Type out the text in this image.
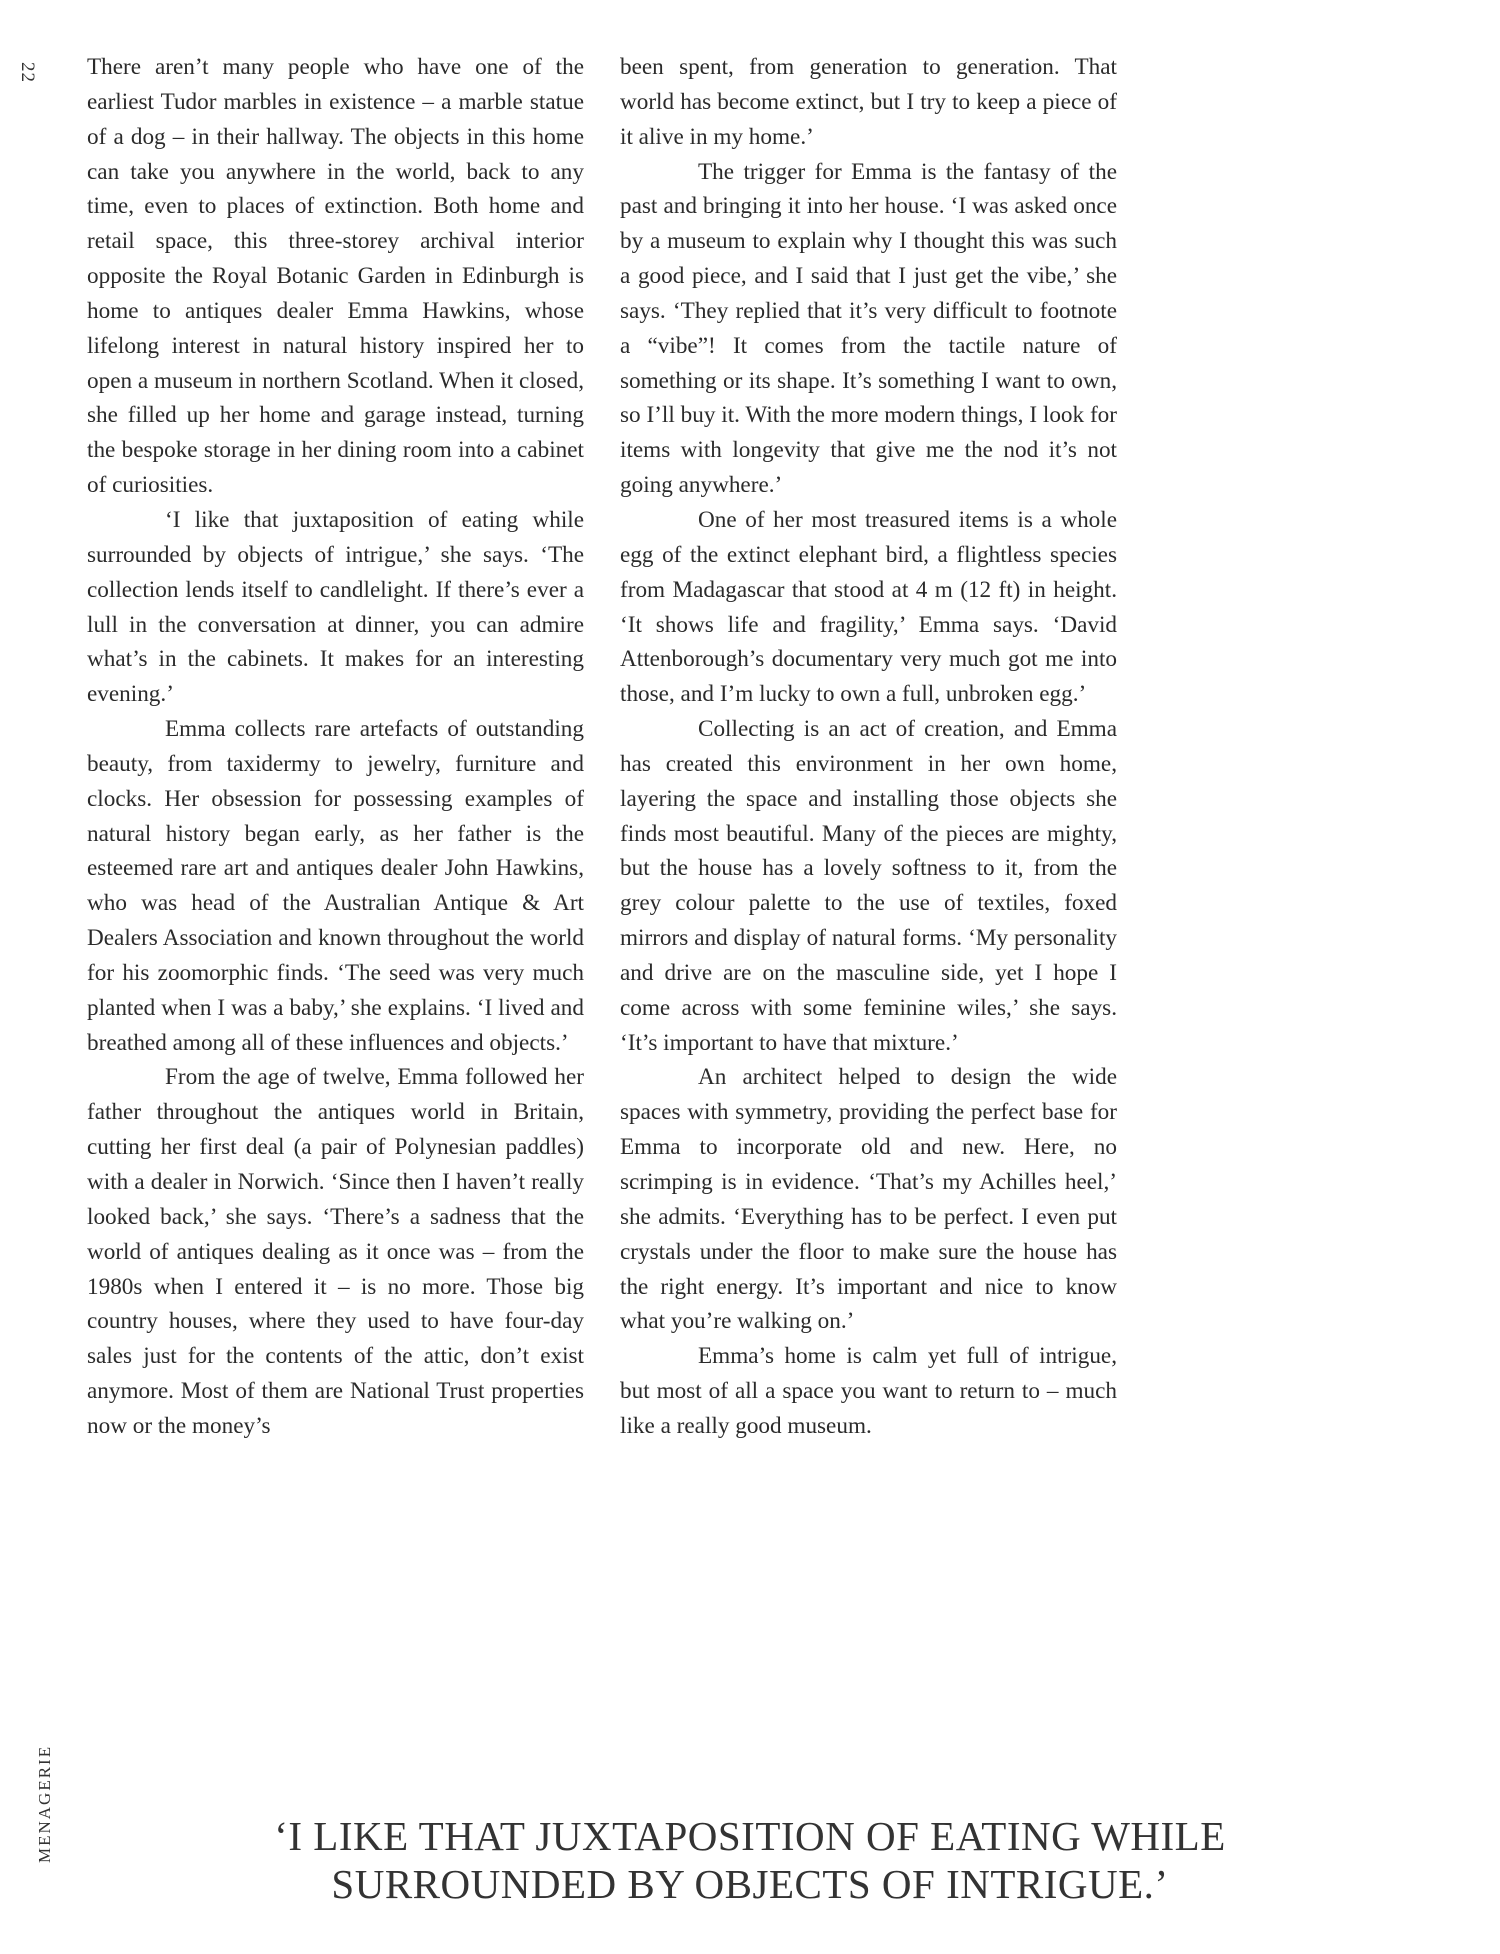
22 There aren’t many people who have one of the earliest Tudor marbles in existence – a marble statue of a dog – in their hallway. The objects in this home can take you anywhere in the world, back to any time, even to places of extinction. Both home and retail space, this three-storey archival interior opposite the Royal Botanic Garden in Edinburgh is home to antiques dealer Emma Hawkins, whose lifelong interest in natural history inspired her to open a museum in northern Scotland. When it closed, she filled up her home and garage instead, turning the bespoke storage in her dining room into a cabinet of curiosities.

‘I like that juxtaposition of eating while surrounded by objects of intrigue,’ she says. ‘The collection lends itself to candlelight. If there’s ever a lull in the conversation at dinner, you can admire what’s in the cabinets. It makes for an interesting evening.’

Emma collects rare artefacts of outstanding beauty, from taxidermy to jewelry, furniture and clocks. Her obsession for possessing examples of natural history began early, as her father is the esteemed rare art and antiques dealer John Hawkins, who was head of the Australian Antique & Art Dealers Association and known throughout the world for his zoomorphic finds. ‘The seed was very much planted when I was a baby,’ she explains. ‘I lived and breathed among all of these influences and objects.’

From the age of twelve, Emma followed her father throughout the antiques world in Britain, cutting her first deal (a pair of Polynesian paddles) with a dealer in Norwich. ‘Since then I haven’t really looked back,’ she says. ‘There’s a sadness that the world of antiques dealing as it once was – from the 1980s when I entered it – is no more. Those big country houses, where they used to have four-day sales just for the contents of the attic, don’t exist anymore. Most of them are National Trust properties now or the money’s

been spent, from generation to generation. That world has become extinct, but I try to keep a piece of it alive in my home.’

The trigger for Emma is the fantasy of the past and bringing it into her house. ‘I was asked once by a museum to explain why I thought this was such a good piece, and I said that I just get the vibe,’ she says. ‘They replied that it’s very difficult to footnote a “vibe”! It comes from the tactile nature of something or its shape. It’s something I want to own, so I’ll buy it. With the more modern things, I look for items with longevity that give me the nod it’s not going anywhere.’

One of her most treasured items is a whole egg of the extinct elephant bird, a flightless species from Madagascar that stood at 4 m (12 ft) in height. ‘It shows life and fragility,’ Emma says. ‘David Attenborough’s documentary very much got me into those, and I’m lucky to own a full, unbroken egg.’

Collecting is an act of creation, and Emma has created this environment in her own home, layering the space and installing those objects she finds most beautiful. Many of the pieces are mighty, but the house has a lovely softness to it, from the grey colour palette to the use of textiles, foxed mirrors and display of natural forms. ‘My personality and drive are on the masculine side, yet I hope I come across with some feminine wiles,’ she says. ‘It’s important to have that mixture.’

An architect helped to design the wide spaces with symmetry, providing the perfect base for Emma to incorporate old and new. Here, no scrimping is in evidence. ‘That’s my Achilles heel,’ she admits. ‘Everything has to be perfect. I even put crystals under the floor to make sure the house has the right energy. It’s important and nice to know what you’re walking on.’

Emma’s home is calm yet full of intrigue, but most of all a space you want to return to – much like a really good museum.

MENAGERIE	‘I LIKE THAT JUXTAPOSITION OF EATING WHILE
SURROUNDED BY OBJECTS OF INTRIGUE.’
